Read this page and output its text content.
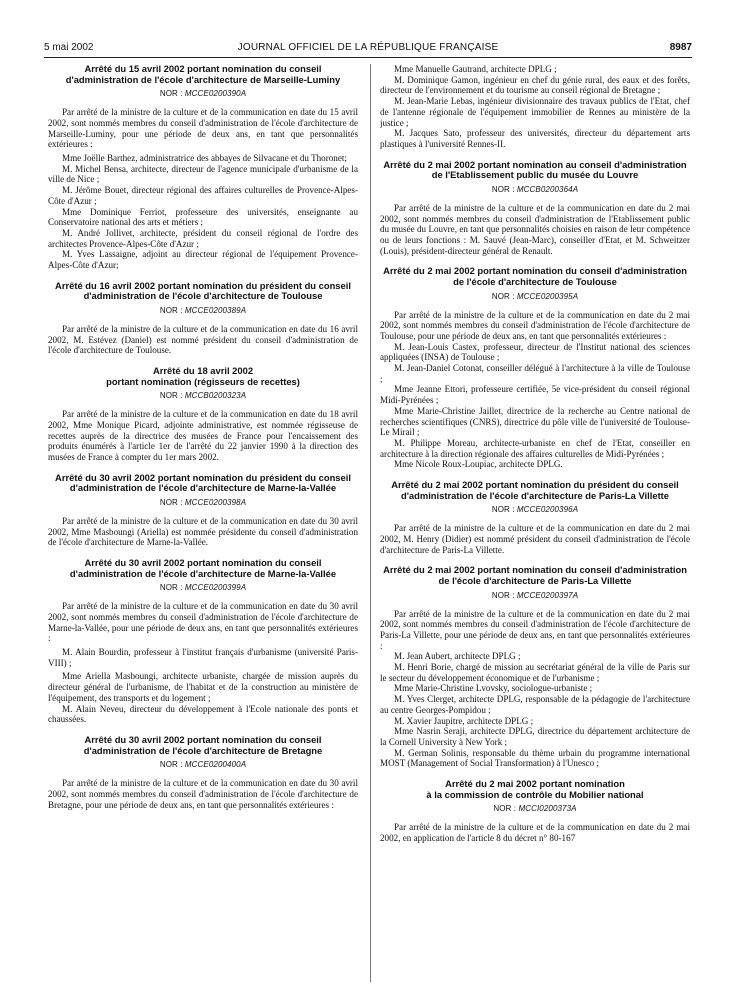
5 mai 2002	JOURNAL OFFICIEL DE LA RÉPUBLIQUE FRANÇAISE	8987
Arrêté du 15 avril 2002 portant nomination du conseil d'administration de l'école d'architecture de Marseille-Luminy
NOR : MCCE0200390A

Par arrêté de la ministre de la culture et de la communication en date du 15 avril 2002, sont nommés membres du conseil d'administration de l'école d'architecture de Marseille-Luminy, pour une période de deux ans, en tant que personnalités extérieures :

Mme Joëlle Barthez, administratrice des abbayes de Silvacane et du Thoronet;

M. Michel Bensa, architecte, directeur de l'agence municipale d'urbanisme de la ville de Nice ;

M. Jérôme Bouet, directeur régional des affaires culturelles de Provence-Alpes-Côte d'Azur ;

Mme Dominique Ferriot, professeure des universités, enseignante au Conservatoire national des arts et métiers ;

M. André Jollivet, architecte, président du conseil régional de l'ordre des architectes Provence-Alpes-Côte d'Azur ;

M. Yves Lassaigne, adjoint au directeur régional de l'équipement Provence-Alpes-Côte d'Azur;

Arrêté du 16 avril 2002 portant nomination du président du conseil d'administration de l'école d'architecture de Toulouse
NOR : MCCE0200389A

Par arrêté de la ministre de la culture et de la communication en date du 16 avril 2002, M. Estévez (Daniel) est nommé président du conseil d'administration de l'école d'architecture de Toulouse.

Arrêté du 18 avril 2002
portant nomination (régisseurs de recettes)
NOR : MCCB0200323A

Par arrêté de la ministre de la culture et de la communication en date du 18 avril 2002, Mme Monique Picard, adjointe administrative, est nommée régisseuse de recettes auprès de la directrice des musées de France pour l'encaissement des produits énumérés à l'article 1er de l'arrêté du 22 janvier 1990 à la direction des musées de France à compter du 1er mars 2002.

Arrêté du 30 avril 2002 portant nomination du président du conseil d'administration de l'école d'architecture de Marne-la-Vallée
NOR : MCCE0200398A

Par arrêté de la ministre de la culture et de la communication en date du 30 avril 2002, Mme Masboungi (Ariella) est nommée présidente du conseil d'administration de l'école d'architecture de Marne-la-Vallée.

Arrêté du 30 avril 2002 portant nomination du conseil d'administration de l'école d'architecture de Marne-la-Vallée
NOR : MCCE0200399A

Par arrêté de la ministre de la culture et de la communication en date du 30 avril 2002, sont nommés membres du conseil d'administration de l'école d'architecture de Marne-la-Vallée, pour une période de deux ans, en tant que personnalités extérieures :

M. Alain Bourdin, professeur à l'institut français d'urbanisme (université Paris-VIII) ;

Mme Ariella Masboungi, architecte urbaniste, chargée de mission auprès du directeur général de l'urbanisme, de l'habitat et de la construction au ministère de l'équipement, des transports et du logement ;

M. Alain Neveu, directeur du développement à l'Ecole nationale des ponts et chaussées.

Arrêté du 30 avril 2002 portant nomination du conseil d'administration de l'école d'architecture de Bretagne
NOR : MCCE0200400A

Par arrêté de la ministre de la culture et de la communication en date du 30 avril 2002, sont nommés membres du conseil d'administration de l'école d'architecture de Bretagne, pour une période de deux ans, en tant que personnalités extérieures :

Mme Manuelle Gautrand, architecte DPLG ;

M. Dominique Gamon, ingénieur en chef du génie rural, des eaux et des forêts, directeur de l'environnement et du tourisme au conseil régional de Bretagne ;

M. Jean-Marie Lebas, ingénieur divisionnaire des travaux publics de l'Etat, chef de l'antenne régionale de l'équipement immobilier de Rennes au ministère de la justice ;

M. Jacques Sato, professeur des universités, directeur du département arts plastiques à l'université Rennes-II.

Arrêté du 2 mai 2002 portant nomination au conseil d'administration de l'Etablissement public du musée du Louvre
NOR : MCCB0200364A

Par arrêté de la ministre de la culture et de la communication en date du 2 mai 2002, sont nommés membres du conseil d'administration de l'Etablissement public du musée du Louvre, en tant que personnalités choisies en raison de leur compétence ou de leurs fonctions : M. Sauvé (Jean-Marc), conseiller d'Etat, et M. Schweitzer (Louis), président-directeur général de Renault.

Arrêté du 2 mai 2002 portant nomination du conseil d'administration de l'école d'architecture de Toulouse
NOR : MCCE0200395A

Par arrêté de la ministre de la culture et de la communication en date du 2 mai 2002, sont nommés membres du conseil d'administration de l'école d'architecture de Toulouse, pour une période de deux ans, en tant que personnalités extérieures :

M. Jean-Louis Castex, professeur, directeur de l'Institut national des sciences appliquées (INSA) de Toulouse ;

M. Jean-Daniel Cotonat, conseiller délégué à l'architecture à la ville de Toulouse ;

Mme Jeanne Ettori, professeure certifiée, 5e vice-président du conseil régional Midi-Pyrénées ;

Mme Marie-Christine Jaillet, directrice de la recherche au Centre national de recherches scientifiques (CNRS), directrice du pôle ville de l'université de Toulouse-Le Mirail ;

M. Philippe Moreau, architecte-urbaniste en chef de l'Etat, conseiller en architecture à la direction régionale des affaires culturelles de Midi-Pyrénées ;

Mme Nicole Roux-Loupiac, architecte DPLG.

Arrêté du 2 mai 2002 portant nomination du président du conseil d'administration de l'école d'architecture de Paris-La Villette
NOR : MCCE0200396A

Par arrêté de la ministre de la culture et de la communication en date du 2 mai 2002, M. Henry (Didier) est nommé président du conseil d'administration de l'école d'architecture de Paris-La Villette.

Arrêté du 2 mai 2002 portant nomination du conseil d'administration de l'école d'architecture de Paris-La Villette
NOR : MCCE0200397A

Par arrêté de la ministre de la culture et de la communication en date du 2 mai 2002, sont nommés membres du conseil d'administration de l'école d'architecture de Paris-La Villette, pour une période de deux ans, en tant que personnalités extérieures :

M. Jean Aubert, architecte DPLG ;

M. Henri Borie, chargé de mission au secrétariat général de la ville de Paris sur le secteur du développement économique et de l'urbanisme ;

Mme Marie-Christine Lvovsky, sociologue-urbaniste ;

M. Yves Clerget, architecte DPLG, responsable de la pédagogie de l'architecture au centre Georges-Pompidou ;

M. Xavier Jaupitre, architecte DPLG ;

Mme Nasrin Seraji, architecte DPLG, directrice du département architecture de la Cornell University à New York ;

M. German Solinis, responsable du thème urbain du programme international MOST (Management of Social Transformation) à l'Unesco ;

Arrêté du 2 mai 2002 portant nomination
à la commission de contrôle du Mobilier national
NOR : MCCI0200373A

Par arrêté de la ministre de la culture et de la communication en date du 2 mai 2002, en application de l'article 8 du décret n° 80-167
